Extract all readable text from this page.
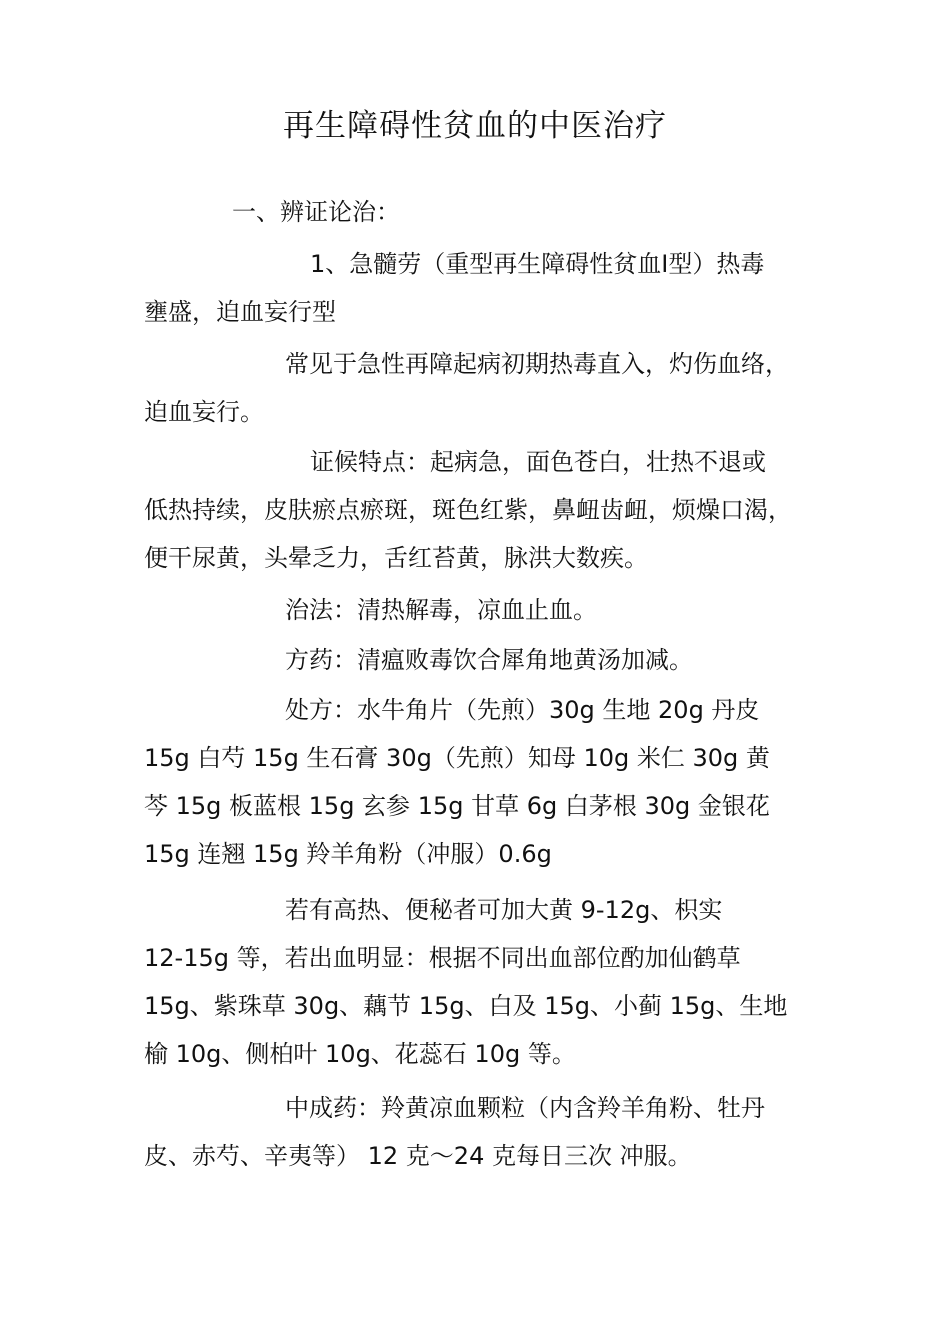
再生障碍性贫血的中医治疗
一、辨证论治：
1、急髓劳（重型再生障碍性贫血Ⅰ型）热毒
壅盛，迫血妄行型
常见于急性再障起病初期热毒直入，灼伤血络，
迫血妄行。
证候特点：起病急，面色苍白，壮热不退或
低热持续，皮肤瘀点瘀斑，斑色红紫，鼻衄齿衄，烦燥口渴，
便干尿黄，头晕乏力，舌红苔黄，脉洪大数疾。
治法：清热解毒，凉血止血。
方药：清瘟败毒饮合犀角地黄汤加减。
处方：水牛角片（先煎）30g 生地 20g 丹皮
15g 白芍 15g 生石膏 30g（先煎）知母 10g 米仁 30g 黄
芩 15g 板蓝根 15g 玄参 15g 甘草 6g 白茅根 30g 金银花
15g 连翘 15g 羚羊角粉（冲服）0.6g
若有高热、便秘者可加大黄 9-12g、枳实
12-15g 等，若出血明显：根据不同出血部位酌加仙鹤草
15g、紫珠草 30g、藕节 15g、白及 15g、小蓟 15g、生地
榆 10g、侧柏叶 10g、花蕊石 10g 等。
中成药：羚黄凉血颗粒（内含羚羊角粉、牡丹
皮、赤芍、辛夷等） 12 克～24 克每日三次 冲服。
